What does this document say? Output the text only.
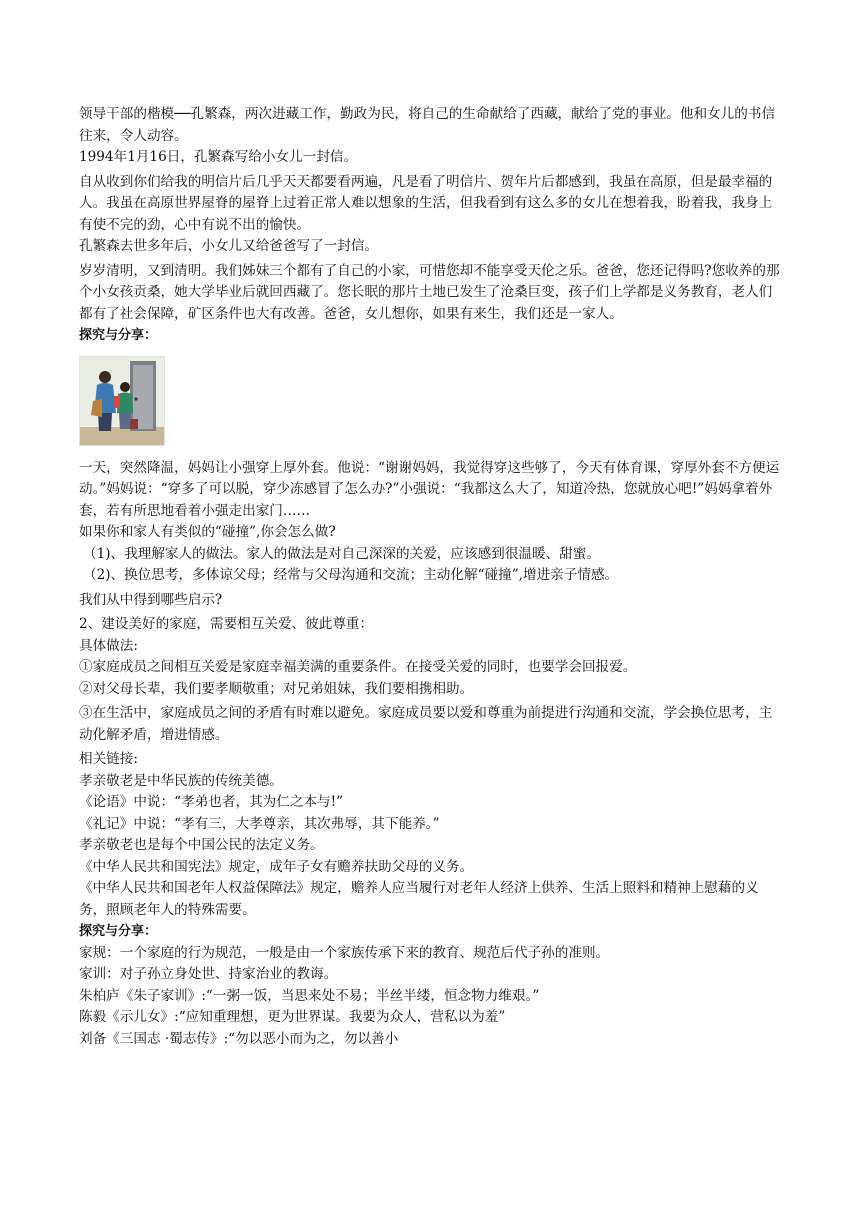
领导干部的楷模──孔繁森，两次进藏工作，勤政为民，将自己的生命献给了西藏，献给了党的事业。他和女儿的书信往来，令人动容。

1994年1月16日，孔繁森写给小女儿一封信。

自从收到你们给我的明信片后几乎天天都要看两遍，凡是看了明信片、贺年片后都感到，我虽在高原，但是最幸福的人。我虽在高原世界屋脊的屋脊上过着正常人难以想象的生活，但我看到有这么多的女儿在想着我，盼着我，我身上有使不完的劲，心中有说不出的愉快。

孔繁森去世多年后，小女儿又给爸爸写了一封信。

岁岁清明，又到清明。我们姊妹三个都有了自己的小家，可惜您却不能享受天伦之乐。爸爸，您还记得吗?您收养的那个小女孩贡桑，她大学毕业后就回西藏了。您长眠的那片土地已发生了沧桑巨变，孩子们上学都是义务教育，老人们都有了社会保障，矿区条件也大有改善。爸爸，女儿想你，如果有来生，我们还是一家人。

探究与分享：

一天，突然降温，妈妈让小强穿上厚外套。他说：“谢谢妈妈，我觉得穿这些够了，今天有体育课，穿厚外套不方便运动。”妈妈说：“穿多了可以脱，穿少冻感冒了怎么办?”小强说：“我都这么大了，知道冷热，您就放心吧!”妈妈拿着外套，若有所思地看着小强走出家门……

如果你和家人有类似的“碰撞”,你会怎么做?

（1)、我理解家人的做法。家人的做法是对自己深深的关爱，应该感到很温暖、甜蜜。

（2)、换位思考，多体谅父母；经常与父母沟通和交流；主动化解“碰撞”,增进亲子情感。

我们从中得到哪些启示?

2、建设美好的家庭，需要相互关爱、彼此尊重：

具体做法:

①家庭成员之间相互关爱是家庭幸福美满的重要条件。在接受关爱的同时，也要学会回报爱。

②对父母长辈，我们要孝顺敬重；对兄弟姐妹，我们要相携相助。

③在生活中，家庭成员之间的矛盾有时难以避免。家庭成员要以爱和尊重为前提进行沟通和交流，学会换位思考，主动化解矛盾，增进情感。

相关链接:

孝亲敬老是中华民族的传统美德。

《论语》中说：“孝弟也者，其为仁之本与!”

《礼记》中说：“孝有三，大孝尊亲，其次弗辱，其下能养。”

孝亲敬老也是每个中国公民的法定义务。

《中华人民共和国宪法》规定，成年子女有赡养扶助父母的义务。

《中华人民共和国老年人权益保障法》规定，赡养人应当履行对老年人经济上供养、生活上照料和精神上慰藉的义务，照顾老年人的特殊需要。

探究与分享：

家规：一个家庭的行为规范，一般是由一个家族传承下来的教育、规范后代子孙的准则。

家训：对子孙立身处世、持家治业的教诲。

朱柏庐《朱子家训》:“一粥一饭，当思来处不易；半丝半缕，恒念物力维艰。”

陈毅《示儿女》:“应知重理想，更为世界谋。我要为众人，营私以为羞”

刘备《三国志 ·蜀志传》:“勿以恶小而为之，勿以善小
